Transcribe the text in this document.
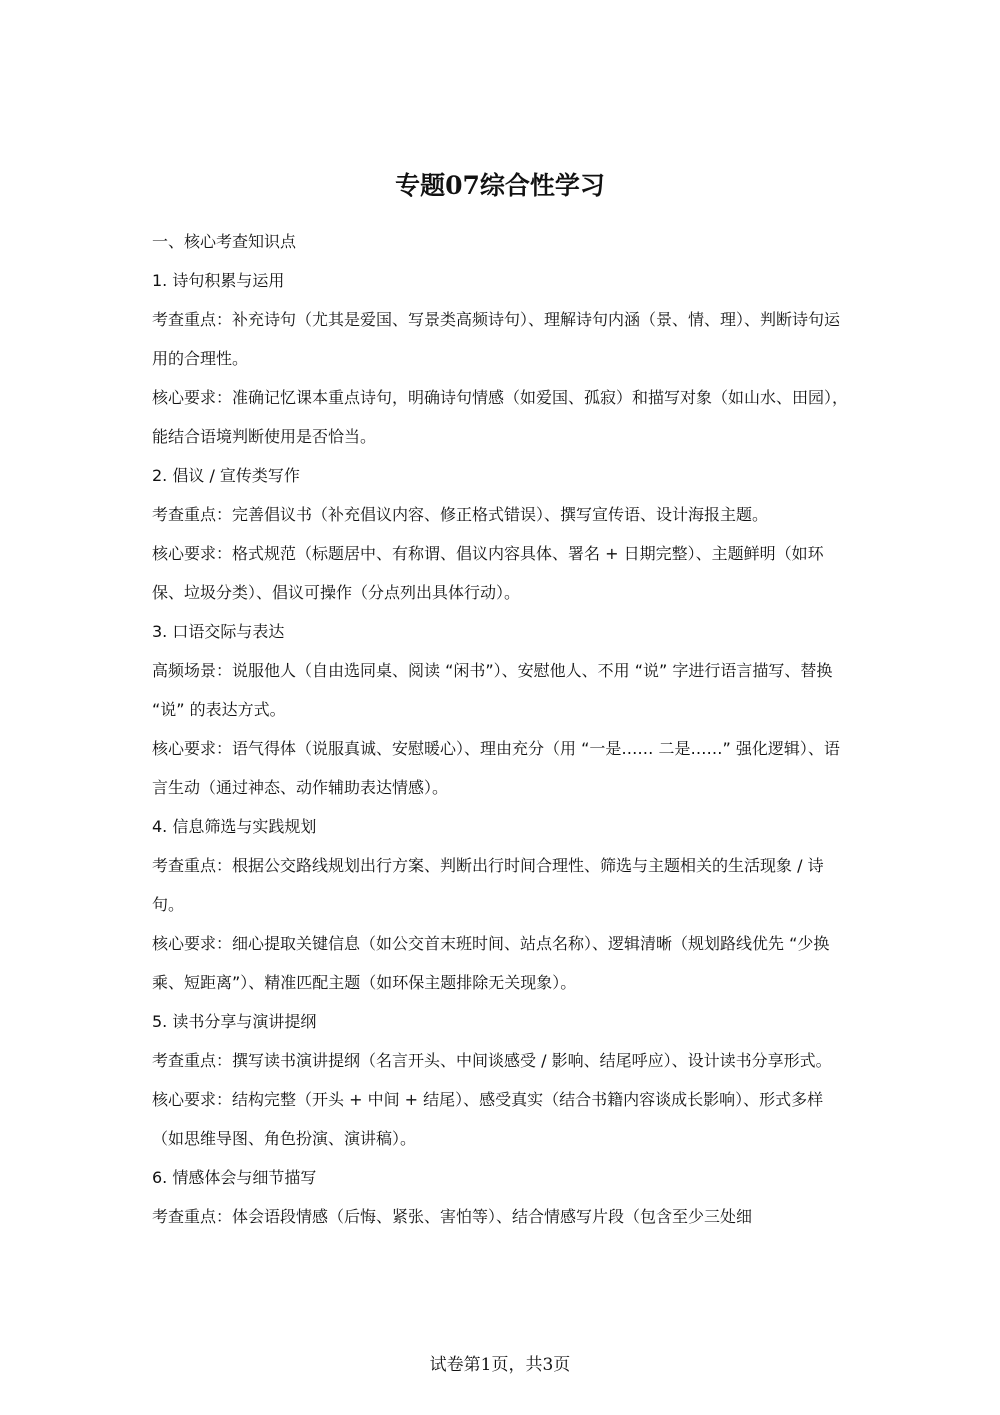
专题07综合性学习

一、核心考查知识点

1. 诗句积累与运用

考查重点：补充诗句（尤其是爱国、写景类高频诗句）、理解诗句内涵（景、情、理）、判断诗句运用的合理性。

核心要求：准确记忆课本重点诗句，明确诗句情感（如爱国、孤寂）和描写对象（如山水、田园），能结合语境判断使用是否恰当。

2. 倡议 / 宣传类写作

考查重点：完善倡议书（补充倡议内容、修正格式错误）、撰写宣传语、设计海报主题。

核心要求：格式规范（标题居中、有称谓、倡议内容具体、署名 + 日期完整）、主题鲜明（如环保、垃圾分类）、倡议可操作（分点列出具体行动）。

3. 口语交际与表达

高频场景：说服他人（自由选同桌、阅读 “闲书”）、安慰他人、不用 “说” 字进行语言描写、替换 “说” 的表达方式。

核心要求：语气得体（说服真诚、安慰暖心）、理由充分（用 “一是…… 二是……” 强化逻辑）、语言生动（通过神态、动作辅助表达情感）。

4. 信息筛选与实践规划

考查重点：根据公交路线规划出行方案、判断出行时间合理性、筛选与主题相关的生活现象 / 诗句。

核心要求：细心提取关键信息（如公交首末班时间、站点名称）、逻辑清晰（规划路线优先 “少换乘、短距离”）、精准匹配主题（如环保主题排除无关现象）。

5. 读书分享与演讲提纲

考查重点：撰写读书演讲提纲（名言开头、中间谈感受 / 影响、结尾呼应）、设计读书分享形式。

核心要求：结构完整（开头 + 中间 + 结尾）、感受真实（结合书籍内容谈成长影响）、形式多样（如思维导图、角色扮演、演讲稿）。

6. 情感体会与细节描写

考查重点：体会语段情感（后悔、紧张、害怕等）、结合情感写片段（包含至少三处细

试卷第1页，共3页
